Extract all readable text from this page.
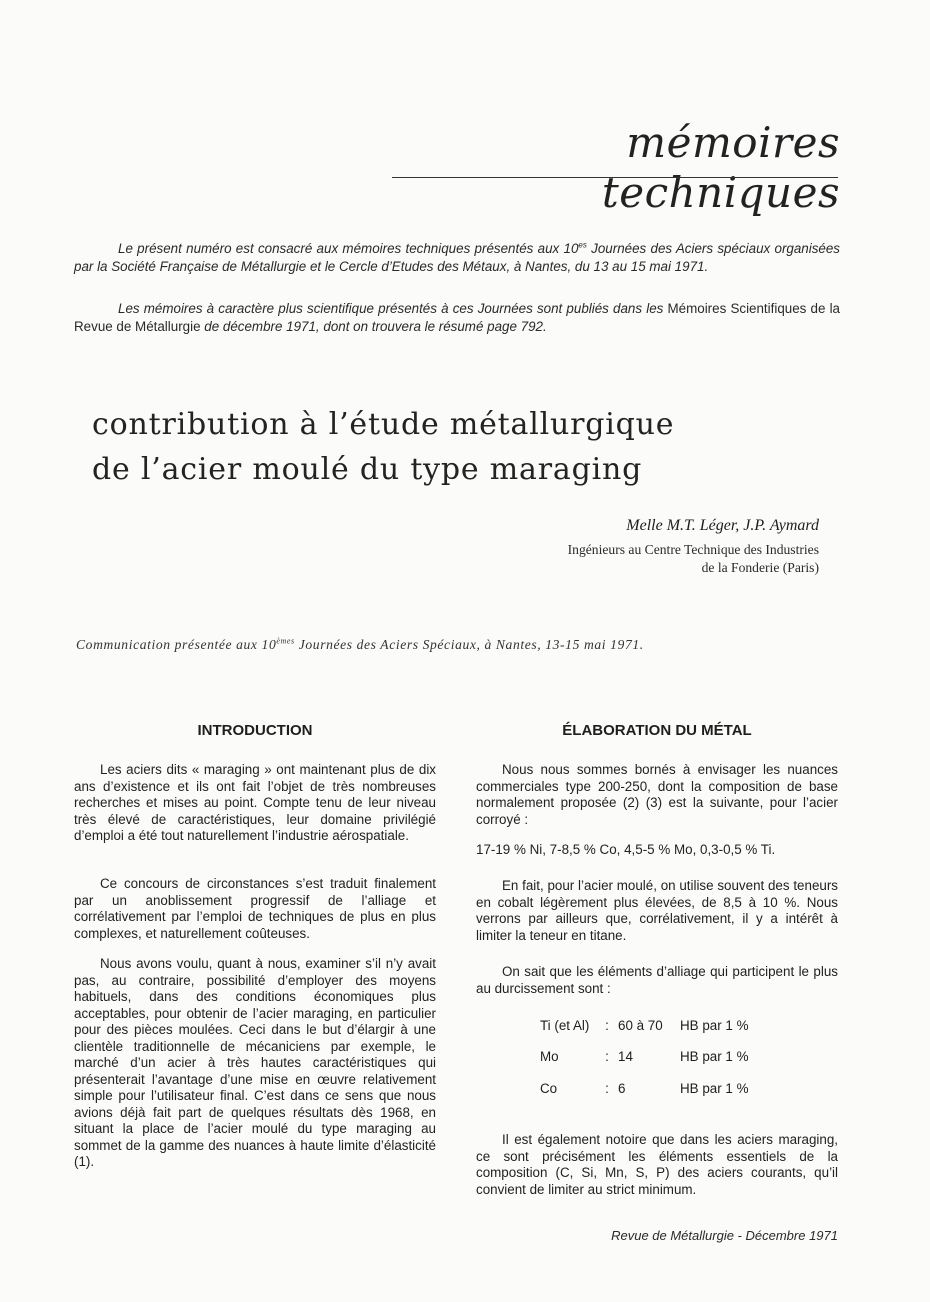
mémoires techniques

Le présent numéro est consacré aux mémoires techniques présentés aux $10^{es}$ Journées des Aciers spéciaux organisées par la Société Française de Métallurgie et le Cercle d’Etudes des Métaux, à Nantes, du 13 au 15 mai 1971.

Les mémoires à caractère plus scientifique présentés à ces Journées sont publiés dans les Mémoires Scientifiques de la Revue de Métallurgie de décembre 1971, dont on trouvera le résumé page 792.

contribution à l’étude métallurgique
de l’acier moulé du type maraging
Melle M.T. Léger, J.P. Aymard
Ingénieurs au Centre Technique des Industries
de la Fonderie (Paris)
Communication présentée aux 10èmes Journées des Aciers Spéciaux, à Nantes, 13-15 mai 1971.
INTRODUCTION

Les aciers dits « maraging » ont maintenant plus de dix ans d’existence et ils ont fait l’objet de très nombreuses recherches et mises au point. Compte tenu de leur niveau très élevé de caractéristiques, leur domaine privilégié d’emploi a été tout naturellement l’industrie aérospatiale.

Ce concours de circonstances s’est traduit finalement par un anoblissement progressif de l’alliage et corrélativement par l’emploi de techniques de plus en plus complexes, et naturellement coûteuses.

Nous avons voulu, quant à nous, examiner s’il n’y avait pas, au contraire, possibilité d’employer des moyens habituels, dans des conditions économiques plus acceptables, pour obtenir de l’acier maraging, en particulier pour des pièces moulées. Ceci dans le but d’élargir à une clientèle traditionnelle de mécaniciens par exemple, le marché d’un acier à très hautes caractéristiques qui présenterait l’avantage d’une mise en œuvre relativement simple pour l’utilisateur final. C’est dans ce sens que nous avions déjà fait part de quelques résultats dès 1968, en situant la place de l’acier moulé du type maraging au sommet de la gamme des nuances à haute limite d’élasticité (1).

ÉLABORATION DU MÉTAL

Nous nous sommes bornés à envisager les nuances commerciales type 200-250, dont la composition de base normalement proposée (2) (3) est la suivante, pour l’acier corroyé :

17-19 % Ni, 7-8,5 % Co, 4,5-5 % Mo, 0,3-0,5 % Ti.

En fait, pour l’acier moulé, on utilise souvent des teneurs en cobalt légèrement plus élevées, de 8,5 à 10 %. Nous verrons par ailleurs que, corrélativement, il y a intérêt à limiter la teneur en titane.

On sait que les éléments d’alliage qui participent le plus au durcissement sont :

Ti (et Al)	: 60 à 70	HB par 1 %
Mo	: 14	HB par 1 %
Co	: 6	HB par 1 %

Il est également notoire que dans les aciers maraging, ce sont précisément les éléments essentiels de la composition (C, Si, Mn, S, P) des aciers courants, qu’il convient de limiter au strict minimum.

Revue de Métallurgie - Décembre 1971
